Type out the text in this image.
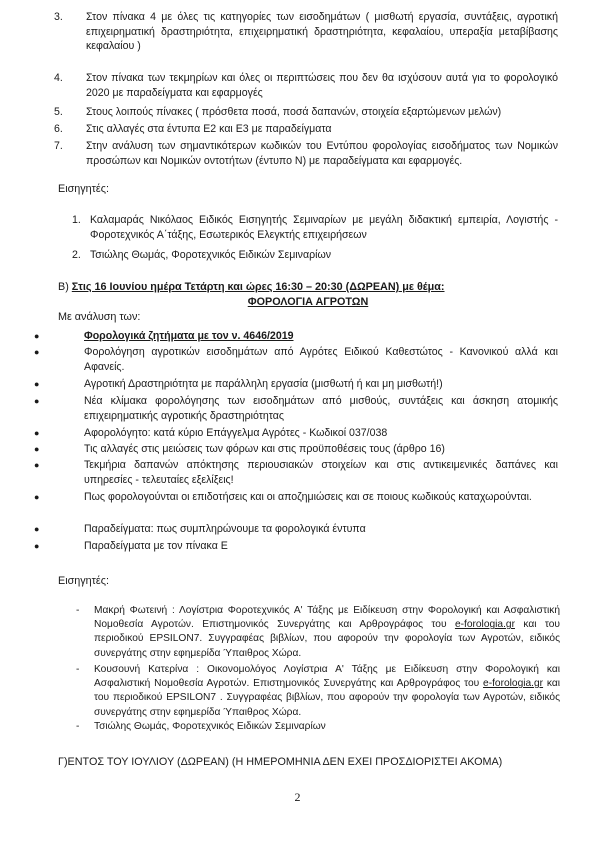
3.	Στον πίνακα 4 με όλες τις κατηγορίες των εισοδημάτων ( μισθωτή εργασία, συντάξεις, αγροτική επιχειρηματική δραστηριότητα, επιχειρηματική δραστηριότητα, κεφαλαίου, υπεραξία μεταβίβασης κεφαλαίου )
4.	Στον πίνακα των τεκμηρίων και όλες οι περιπτώσεις που δεν θα ισχύσουν αυτά για το φορολογικό 2020 με παραδείγματα και εφαρμογές
5.	Στους λοιπούς πίνακες ( πρόσθετα ποσά, ποσά δαπανών, στοιχεία εξαρτώμενων μελών)
6.	Στις αλλαγές στα έντυπα Ε2 και Ε3 με παραδείγματα
7.	Στην ανάλυση των σημαντικότερων κωδικών του Εντύπου φορολογίας εισοδήματος των Νομικών προσώπων και Νομικών οντοτήτων (έντυπο Ν) με παραδείγματα και εφαρμογές.
Εισηγητές:
1. Καλαμαράς Νικόλαος Ειδικός Εισηγητής Σεμιναρίων με μεγάλη διδακτική εμπειρία, Λογιστής - Φοροτεχνικός Α΄τάξης, Εσωτερικός Ελεγκτής επιχειρήσεων
2. Τσιώλης Θωμάς, Φοροτεχνικός Ειδικών Σεμιναρίων
Β) Στις 16 Ιουνίου ημέρα Τετάρτη και ώρες 16:30 – 20:30 (ΔΩΡΕΑΝ) με θέμα:
ΦΟΡΟΛΟΓΙΑ ΑΓΡΟΤΩΝ
Με ανάλυση των:
●	Φορολογικά ζητήματα με τον ν. 4646/2019
●	Φορολόγηση αγροτικών εισοδημάτων από Αγρότες Ειδικού Καθεστώτος - Κανονικού αλλά και Αφανείς.
●	Αγροτική Δραστηριότητα με παράλληλη εργασία (μισθωτή ή και μη μισθωτή!)
●	Νέα κλίμακα φορολόγησης των εισοδημάτων από μισθούς, συντάξεις και άσκηση ατομικής επιχειρηματικής αγροτικής δραστηριότητας
●	Αφορολόγητο: κατά κύριο Επάγγελμα Αγρότες - Κωδικοί 037/038
●	Τις αλλαγές στις μειώσεις των φόρων και στις προϋποθέσεις τους (άρθρο 16)
●	Τεκμήρια δαπανών απόκτησης περιουσιακών στοιχείων και στις αντικειμενικές δαπάνες και υπηρεσίες - τελευταίες εξελίξεις!
●	Πως φορολογούνται οι επιδοτήσεις και οι αποζημιώσεις και σε ποιους κωδικούς καταχωρούνται.
●	Παραδείγματα: πως συμπληρώνουμε τα φορολογικά έντυπα
●	Παραδείγματα με τον πίνακα Ε
Εισηγητές:
- Μακρή Φωτεινή : Λογίστρια Φοροτεχνικός Α' Τάξης με Ειδίκευση στην Φορολογική και Ασφαλιστική Νομοθεσία Αγροτών. Επιστημονικός Συνεργάτης και Αρθρογράφος του e-forologia.gr και του περιοδικού EPSILON7. Συγγραφέας βιβλίων, που αφορούν την φορολογία των Αγροτών, ειδικός συνεργάτης στην εφημερίδα Ύπαιθρος Χώρα.
- Κουσουνή Κατερίνα : Οικονομολόγος Λογίστρια Α' Τάξης με Ειδίκευση στην Φορολογική και Ασφαλιστική Νομοθεσία Αγροτών. Επιστημονικός Συνεργάτης και Αρθρογράφος του e-forologia.gr και του περιοδικού EPSILON7 . Συγγραφέας βιβλίων, που αφορούν την φορολογία των Αγροτών, ειδικός συνεργάτης στην εφημερίδα Ύπαιθρος Χώρα.
- Τσιώλης Θωμάς, Φοροτεχνικός Ειδικών Σεμιναρίων
Γ)ΕΝΤΟΣ ΤΟΥ ΙΟΥΛΙΟΥ (ΔΩΡΕΑΝ) (Η ΗΜΕΡΟΜΗΝΙΑ ΔΕΝ ΕΧΕΙ ΠΡΟΣΔΙΟΡΙΣΤΕΙ ΑΚΟΜΑ)
2
